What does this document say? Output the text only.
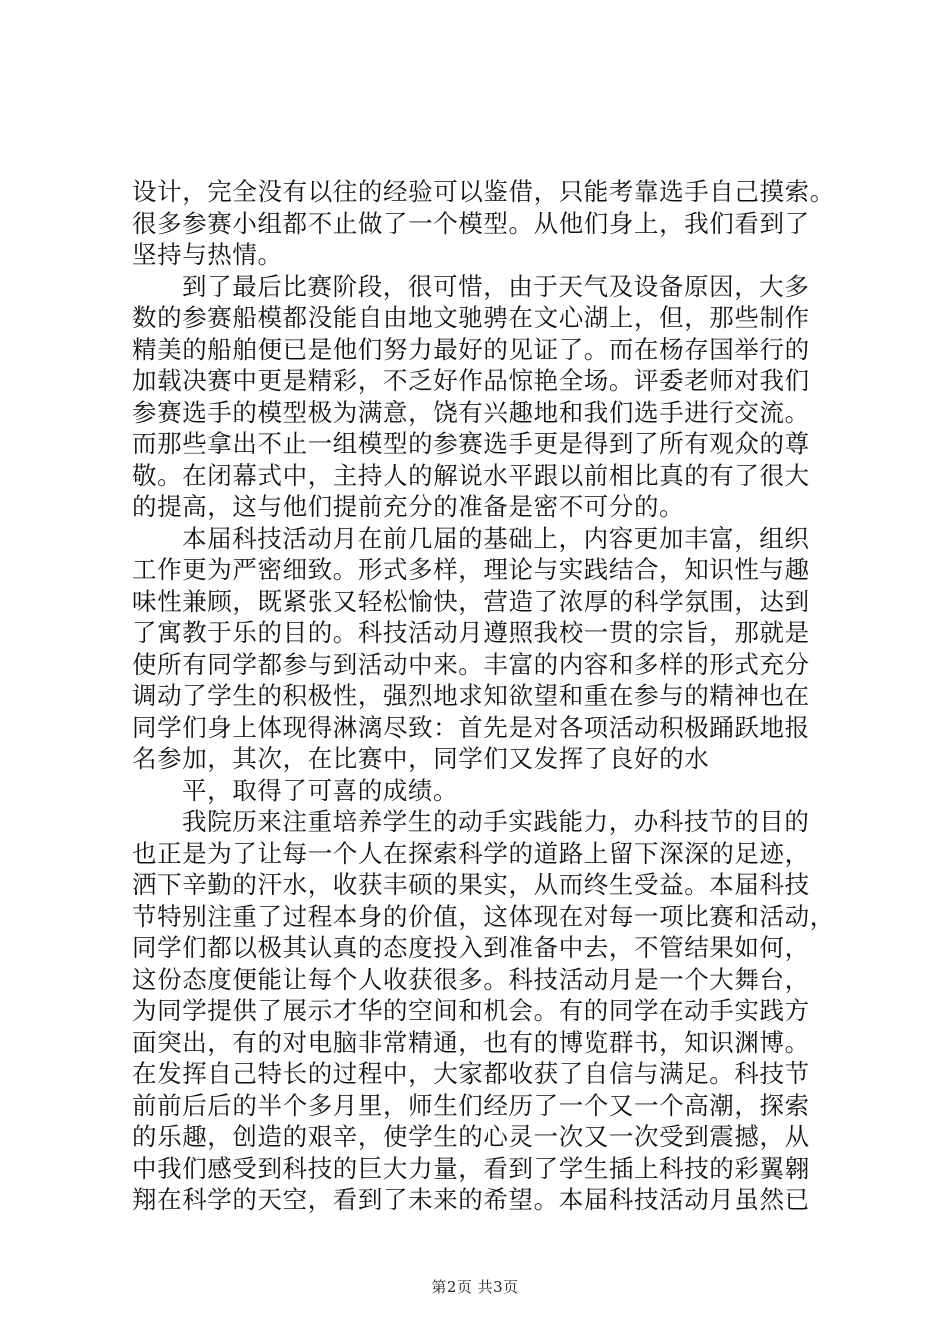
设计，完全没有以往的经验可以鉴借，只能考靠选手自己摸索。
很多参赛小组都不止做了一个模型。从他们身上，我们看到了
坚持与热情。
到了最后比赛阶段，很可惜，由于天气及设备原因，大多
数的参赛船模都没能自由地文驰骋在文心湖上，但，那些制作
精美的船舶便已是他们努力最好的见证了。而在杨存国举行的
加载决赛中更是精彩，不乏好作品惊艳全场。评委老师对我们
参赛选手的模型极为满意，饶有兴趣地和我们选手进行交流。
而那些拿出不止一组模型的参赛选手更是得到了所有观众的尊
敬。在闭幕式中，主持人的解说水平跟以前相比真的有了很大
的提高，这与他们提前充分的准备是密不可分的。
本届科技活动月在前几届的基础上，内容更加丰富，组织
工作更为严密细致。形式多样，理论与实践结合，知识性与趣
味性兼顾，既紧张又轻松愉快，营造了浓厚的科学氛围，达到
了寓教于乐的目的。科技活动月遵照我校一贯的宗旨，那就是
使所有同学都参与到活动中来。丰富的内容和多样的形式充分
调动了学生的积极性，强烈地求知欲望和重在参与的精神也在
同学们身上体现得淋漓尽致：首先是对各项活动积极踊跃地报
名参加，其次，在比赛中，同学们又发挥了良好的水
平，取得了可喜的成绩。
我院历来注重培养学生的动手实践能力，办科技节的目的
也正是为了让每一个人在探索科学的道路上留下深深的足迹，
洒下辛勤的汗水，收获丰硕的果实，从而终生受益。本届科技
节特别注重了过程本身的价值，这体现在对每一项比赛和活动，
同学们都以极其认真的态度投入到准备中去，不管结果如何，
这份态度便能让每个人收获很多。科技活动月是一个大舞台，
为同学提供了展示才华的空间和机会。有的同学在动手实践方
面突出，有的对电脑非常精通，也有的博览群书，知识渊博。
在发挥自己特长的过程中，大家都收获了自信与满足。科技节
前前后后的半个多月里，师生们经历了一个又一个高潮，探索
的乐趣，创造的艰辛，使学生的心灵一次又一次受到震撼，从
中我们感受到科技的巨大力量，看到了学生插上科技的彩翼翱
翔在科学的天空，看到了未来的希望。本届科技活动月虽然已
第2页 共3页
